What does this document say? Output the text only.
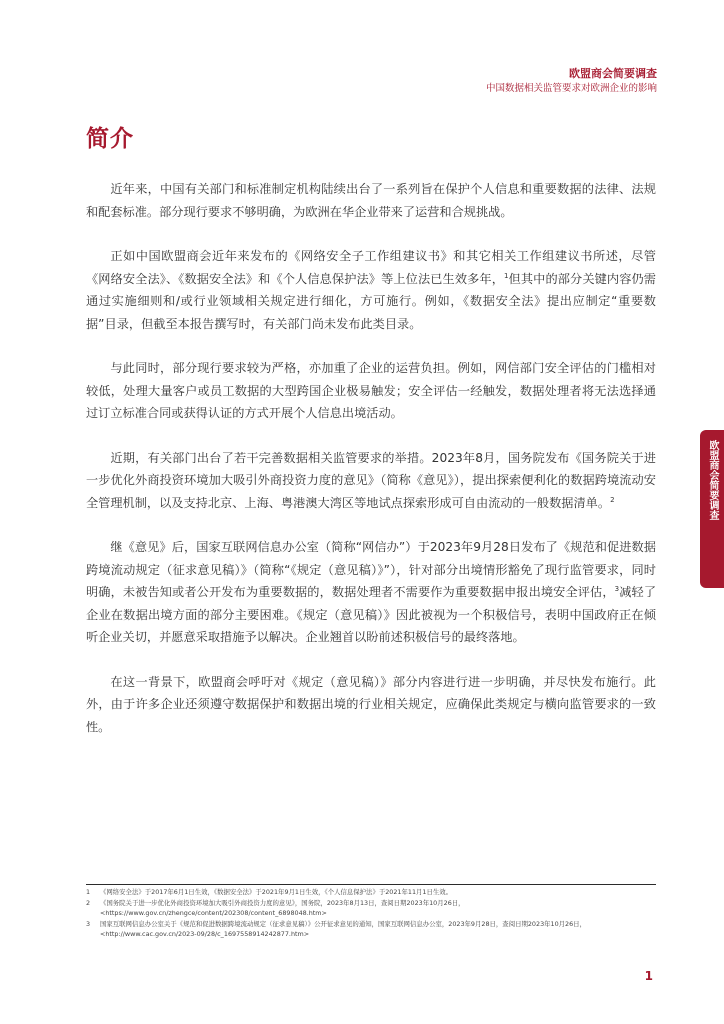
欧盟商会简要调查
中国数据相关监管要求对欧洲企业的影响
简介

近年来，中国有关部门和标准制定机构陆续出台了一系列旨在保护个人信息和重要数据的法律、法规和配套标准。部分现行要求不够明确，为欧洲在华企业带来了运营和合规挑战。

正如中国欧盟商会近年来发布的《网络安全子工作组建议书》和其它相关工作组建议书所述，尽管《网络安全法》、《数据安全法》和《个人信息保护法》等上位法已生效多年，$^1$但其中的部分关键内容仍需通过实施细则和/或行业领域相关规定进行细化，方可施行。例如，《数据安全法》提出应制定“重要数据”目录，但截至本报告撰写时，有关部门尚未发布此类目录。

与此同时，部分现行要求较为严格，亦加重了企业的运营负担。例如，网信部门安全评估的门槛相对较低，处理大量客户或员工数据的大型跨国企业极易触发；安全评估一经触发，数据处理者将无法选择通过订立标准合同或获得认证的方式开展个人信息出境活动。

近期，有关部门出台了若干完善数据相关监管要求的举措。2023年8月，国务院发布《国务院关于进一步优化外商投资环境加大吸引外商投资力度的意见》（简称《意见》），提出探索便利化的数据跨境流动安全管理机制，以及支持北京、上海、粤港澳大湾区等地试点探索形成可自由流动的一般数据清单。$^2$

继《意见》后，国家互联网信息办公室（简称“网信办”）于2023年9月28日发布了《规范和促进数据跨境流动规定（征求意见稿）》（简称“《规定（意见稿）》”），针对部分出境情形豁免了现行监管要求，同时明确，未被告知或者公开发布为重要数据的，数据处理者不需要作为重要数据申报出境安全评估，$^3$减轻了企业在数据出境方面的部分主要困难。《规定（意见稿）》因此被视为一个积极信号，表明中国政府正在倾听企业关切，并愿意采取措施予以解决。企业翘首以盼前述积极信号的最终落地。

在这一背景下，欧盟商会呼吁对《规定（意见稿）》部分内容进行进一步明确，并尽快发布施行。此外，由于许多企业还须遵守数据保护和数据出境的行业相关规定，应确保此类规定与横向监管要求的一致性。

欧盟商会简要调查
1	《网络安全法》于2017年6月1日生效，《数据安全法》于2021年9月1日生效，《个人信息保护法》于2021年11月1日生效。
2	《国务院关于进一步优化外商投资环境加大吸引外商投资力度的意见》，国务院，2023年8月13日，查阅日期2023年10月26日，<https://www.gov.cn/zhengce/content/202308/content_6898048.htm>
3	国家互联网信息办公室关于《规范和促进数据跨境流动规定（征求意见稿）》公开征求意见的通知，国家互联网信息办公室，2023年9月28日，查阅日期2023年10月26日，<http://www.cac.gov.cn/2023-09/28/c_1697558914242877.htm>
1
